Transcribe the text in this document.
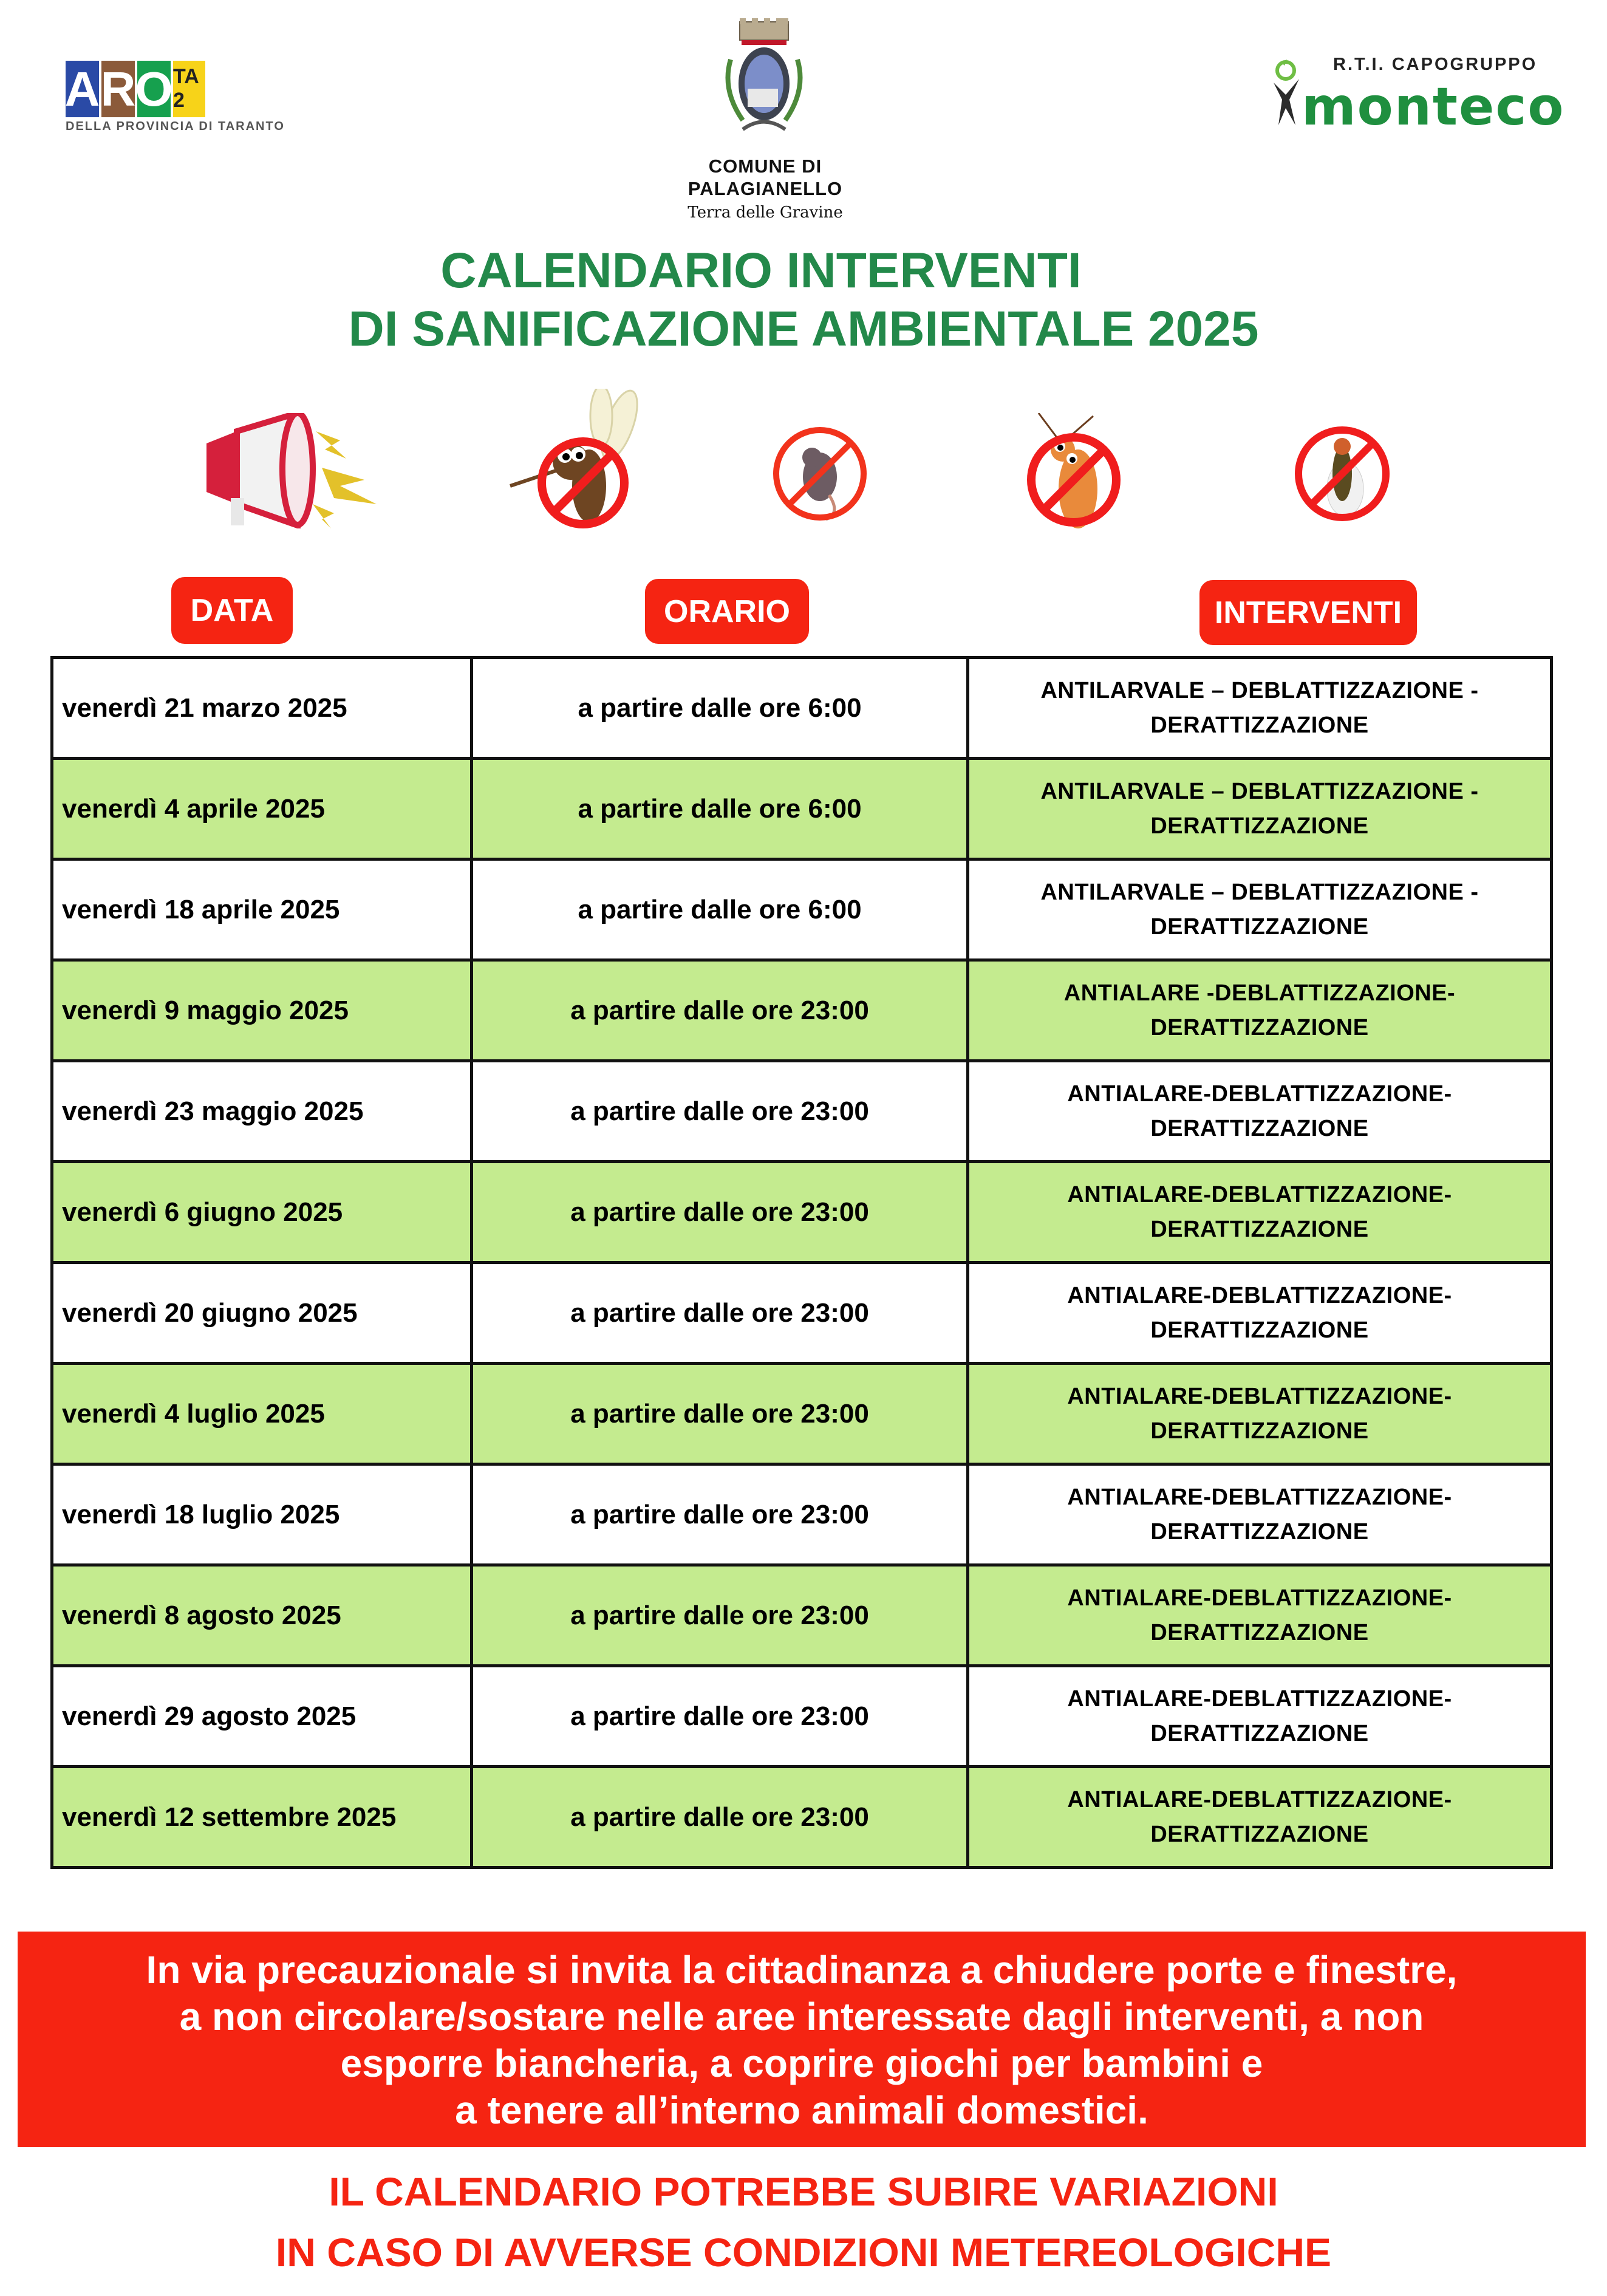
A R O TA 2
DELLA PROVINCIA DI TARANTO
COMUNE DI
PALAGIANELLO
Terra delle Gravine
R.T.I. CAPOGRUPPO
monteco
CALENDARIO INTERVENTI
DI SANIFICAZIONE AMBIENTALE 2025
DATA	ORARIO	INTERVENTI
venerdì 21 marzo 2025	a partire dalle ore 6:00	ANTILARVALE – DEBLATTIZZAZIONE - DERATTIZZAZIONE
venerdì 4 aprile 2025	a partire dalle ore 6:00	ANTILARVALE – DEBLATTIZZAZIONE - DERATTIZZAZIONE
venerdì 18 aprile 2025	a partire dalle ore 6:00	ANTILARVALE – DEBLATTIZZAZIONE - DERATTIZZAZIONE
venerdì 9 maggio 2025	a partire dalle ore 23:00	ANTIALARE -DEBLATTIZZAZIONE- DERATTIZZAZIONE
venerdì 23 maggio 2025	a partire dalle ore 23:00	ANTIALARE-DEBLATTIZZAZIONE- DERATTIZZAZIONE
venerdì 6 giugno 2025	a partire dalle ore 23:00	ANTIALARE-DEBLATTIZZAZIONE- DERATTIZZAZIONE
venerdì 20 giugno 2025	a partire dalle ore 23:00	ANTIALARE-DEBLATTIZZAZIONE- DERATTIZZAZIONE
venerdì 4 luglio 2025	a partire dalle ore 23:00	ANTIALARE-DEBLATTIZZAZIONE- DERATTIZZAZIONE
venerdì 18 luglio 2025	a partire dalle ore 23:00	ANTIALARE-DEBLATTIZZAZIONE- DERATTIZZAZIONE
venerdì 8 agosto 2025	a partire dalle ore 23:00	ANTIALARE-DEBLATTIZZAZIONE- DERATTIZZAZIONE
venerdì 29 agosto 2025	a partire dalle ore 23:00	ANTIALARE-DEBLATTIZZAZIONE- DERATTIZZAZIONE
venerdì 12 settembre 2025	a partire dalle ore 23:00	ANTIALARE-DEBLATTIZZAZIONE- DERATTIZZAZIONE
In via precauzionale si invita la cittadinanza a chiudere porte e finestre,
a non circolare/sostare nelle aree interessate dagli interventi, a non
esporre biancheria, a coprire giochi per bambini e
a tenere all’interno animali domestici.
IL CALENDARIO POTREBBE SUBIRE VARIAZIONI
IN CASO DI AVVERSE CONDIZIONI METEREOLOGICHE
